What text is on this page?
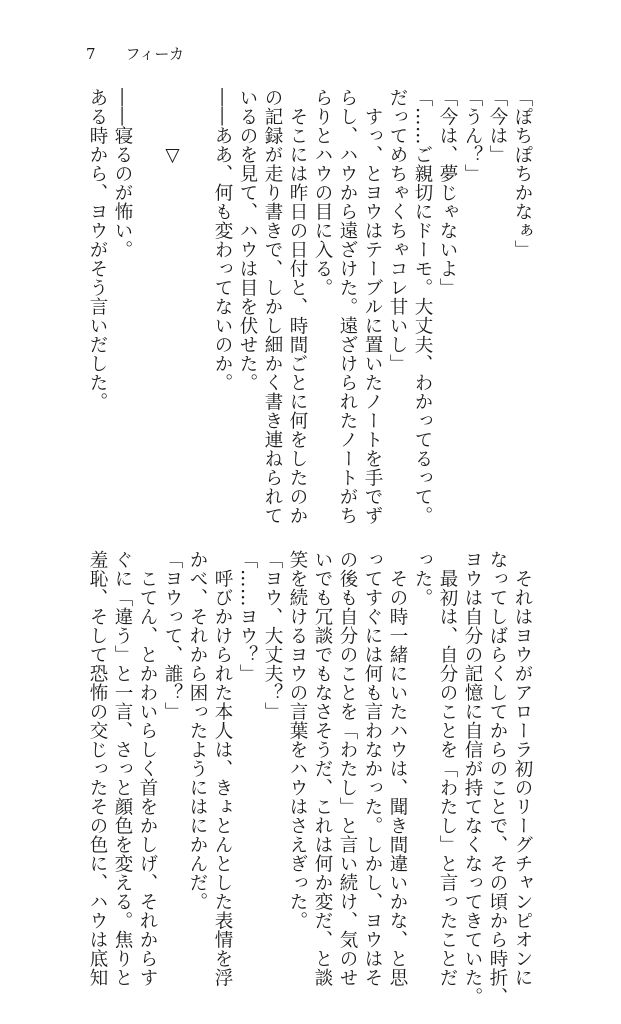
7 フィーカ
「ぽちぽちかなぁ」
「今は」
「うん？」
「今は、夢じゃないよ」
「……ご親切にドーモ。大丈夫、わかってるって。
だってめちゃくちゃコレ甘いし」
　すっ、とヨウはテーブルに置いたノートを手でず
らし、ハウから遠ざけた。遠ざけられたノートがち
らりとハウの目に入る。
　そこには昨日の日付と、時間ごとに何をしたのか
の記録が走り書きで、しかし細かく書き連ねられて
いるのを見て、ハウは目を伏せた。
――ああ、何も変わってないのか。

　　　▽

――寝るのが怖い。
ある時から、ヨウがそう言いだした。
　それはヨウがアローラ初のリーグチャンピオンに
なってしばらくしてからのことで、その頃から時折、
ヨウは自分の記憶に自信が持てなくなってきていた。
　最初は、自分のことを「わたし」と言ったことだ
った。
　その時一緒にいたハウは、聞き間違いかな、と思
ってすぐには何も言わなかった。しかし、ヨウはそ
の後も自分のことを「わたし」と言い続け、気のせ
いでも冗談でもなさそうだ、これは何か変だ、と談
笑を続けるヨウの言葉をハウはさえぎった。
「ヨウ、大丈夫？」
「……ヨウ？」
　呼びかけられた本人は、きょとんとした表情を浮
かべ、それから困ったようにはにかんだ。
「ヨウって、誰？」
　こてん、とかわいらしく首をかしげ、それからす
ぐに「違う」と一言、さっと顔色を変える。焦りと
羞恥、そして恐怖の交じったその色に、ハウは底知
